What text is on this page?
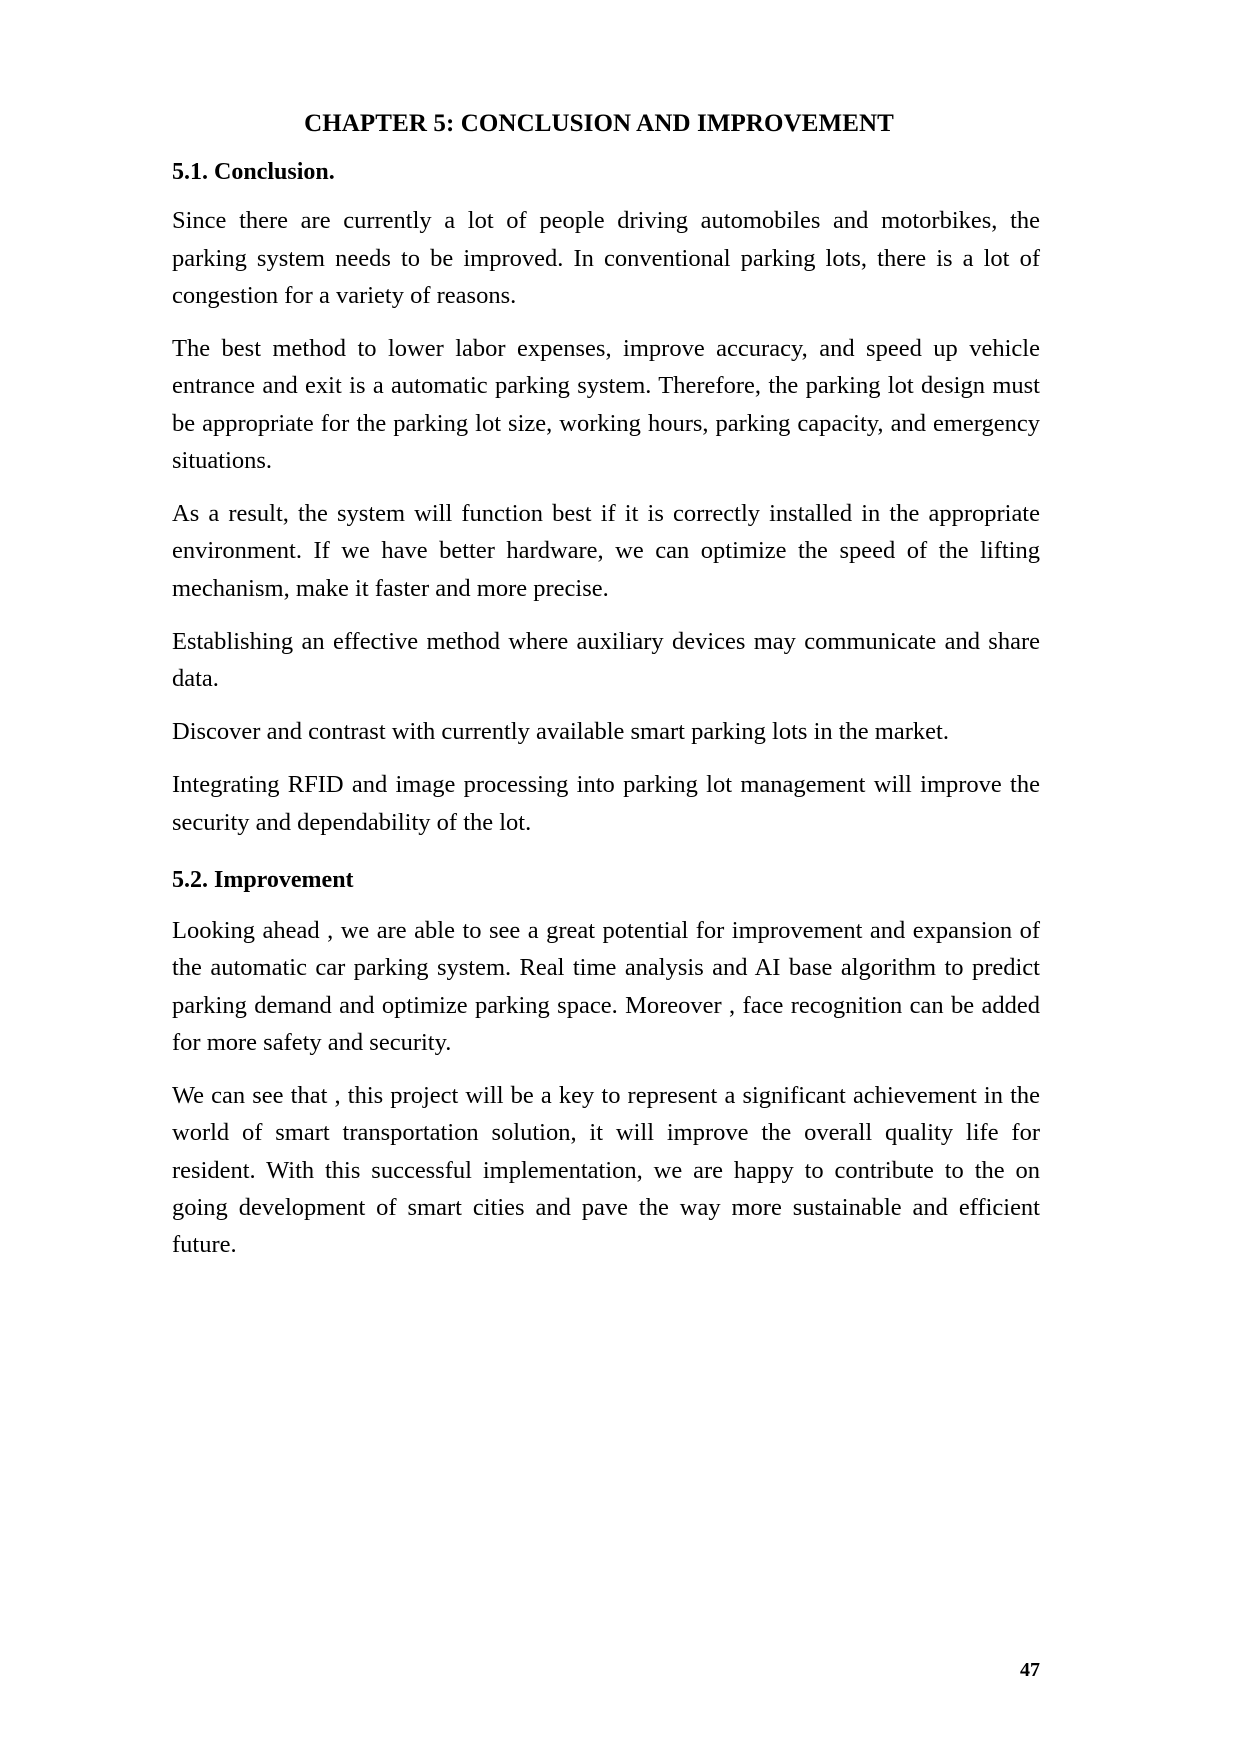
CHAPTER 5: CONCLUSION AND IMPROVEMENT
5.1. Conclusion.

Since there are currently a lot of people driving automobiles and motorbikes, the parking system needs to be improved. In conventional parking lots, there is a lot of congestion for a variety of reasons.

The best method to lower labor expenses, improve accuracy, and speed up vehicle entrance and exit is a automatic parking system. Therefore, the parking lot design must be appropriate for the parking lot size, working hours, parking capacity, and emergency situations.

As a result, the system will function best if it is correctly installed in the appropriate environment. If we have better hardware, we can optimize the speed of the lifting mechanism, make it faster and more precise.

Establishing an effective method where auxiliary devices may communicate and share data.

Discover and contrast with currently available smart parking lots in the market.

Integrating RFID and image processing into parking lot management will improve the security and dependability of the lot.

5.2. Improvement

Looking ahead , we are able to see a great potential for improvement and expansion of the automatic car parking system. Real time analysis and AI base algorithm to predict parking demand and optimize parking space. Moreover , face recognition can be added for more safety and security.

We can see that , this project will be a key to represent a significant achievement in the world of smart transportation solution, it will improve the overall quality life for resident. With this successful implementation, we are happy to contribute to the on going development of smart cities and pave the way more sustainable and efficient future.

47
